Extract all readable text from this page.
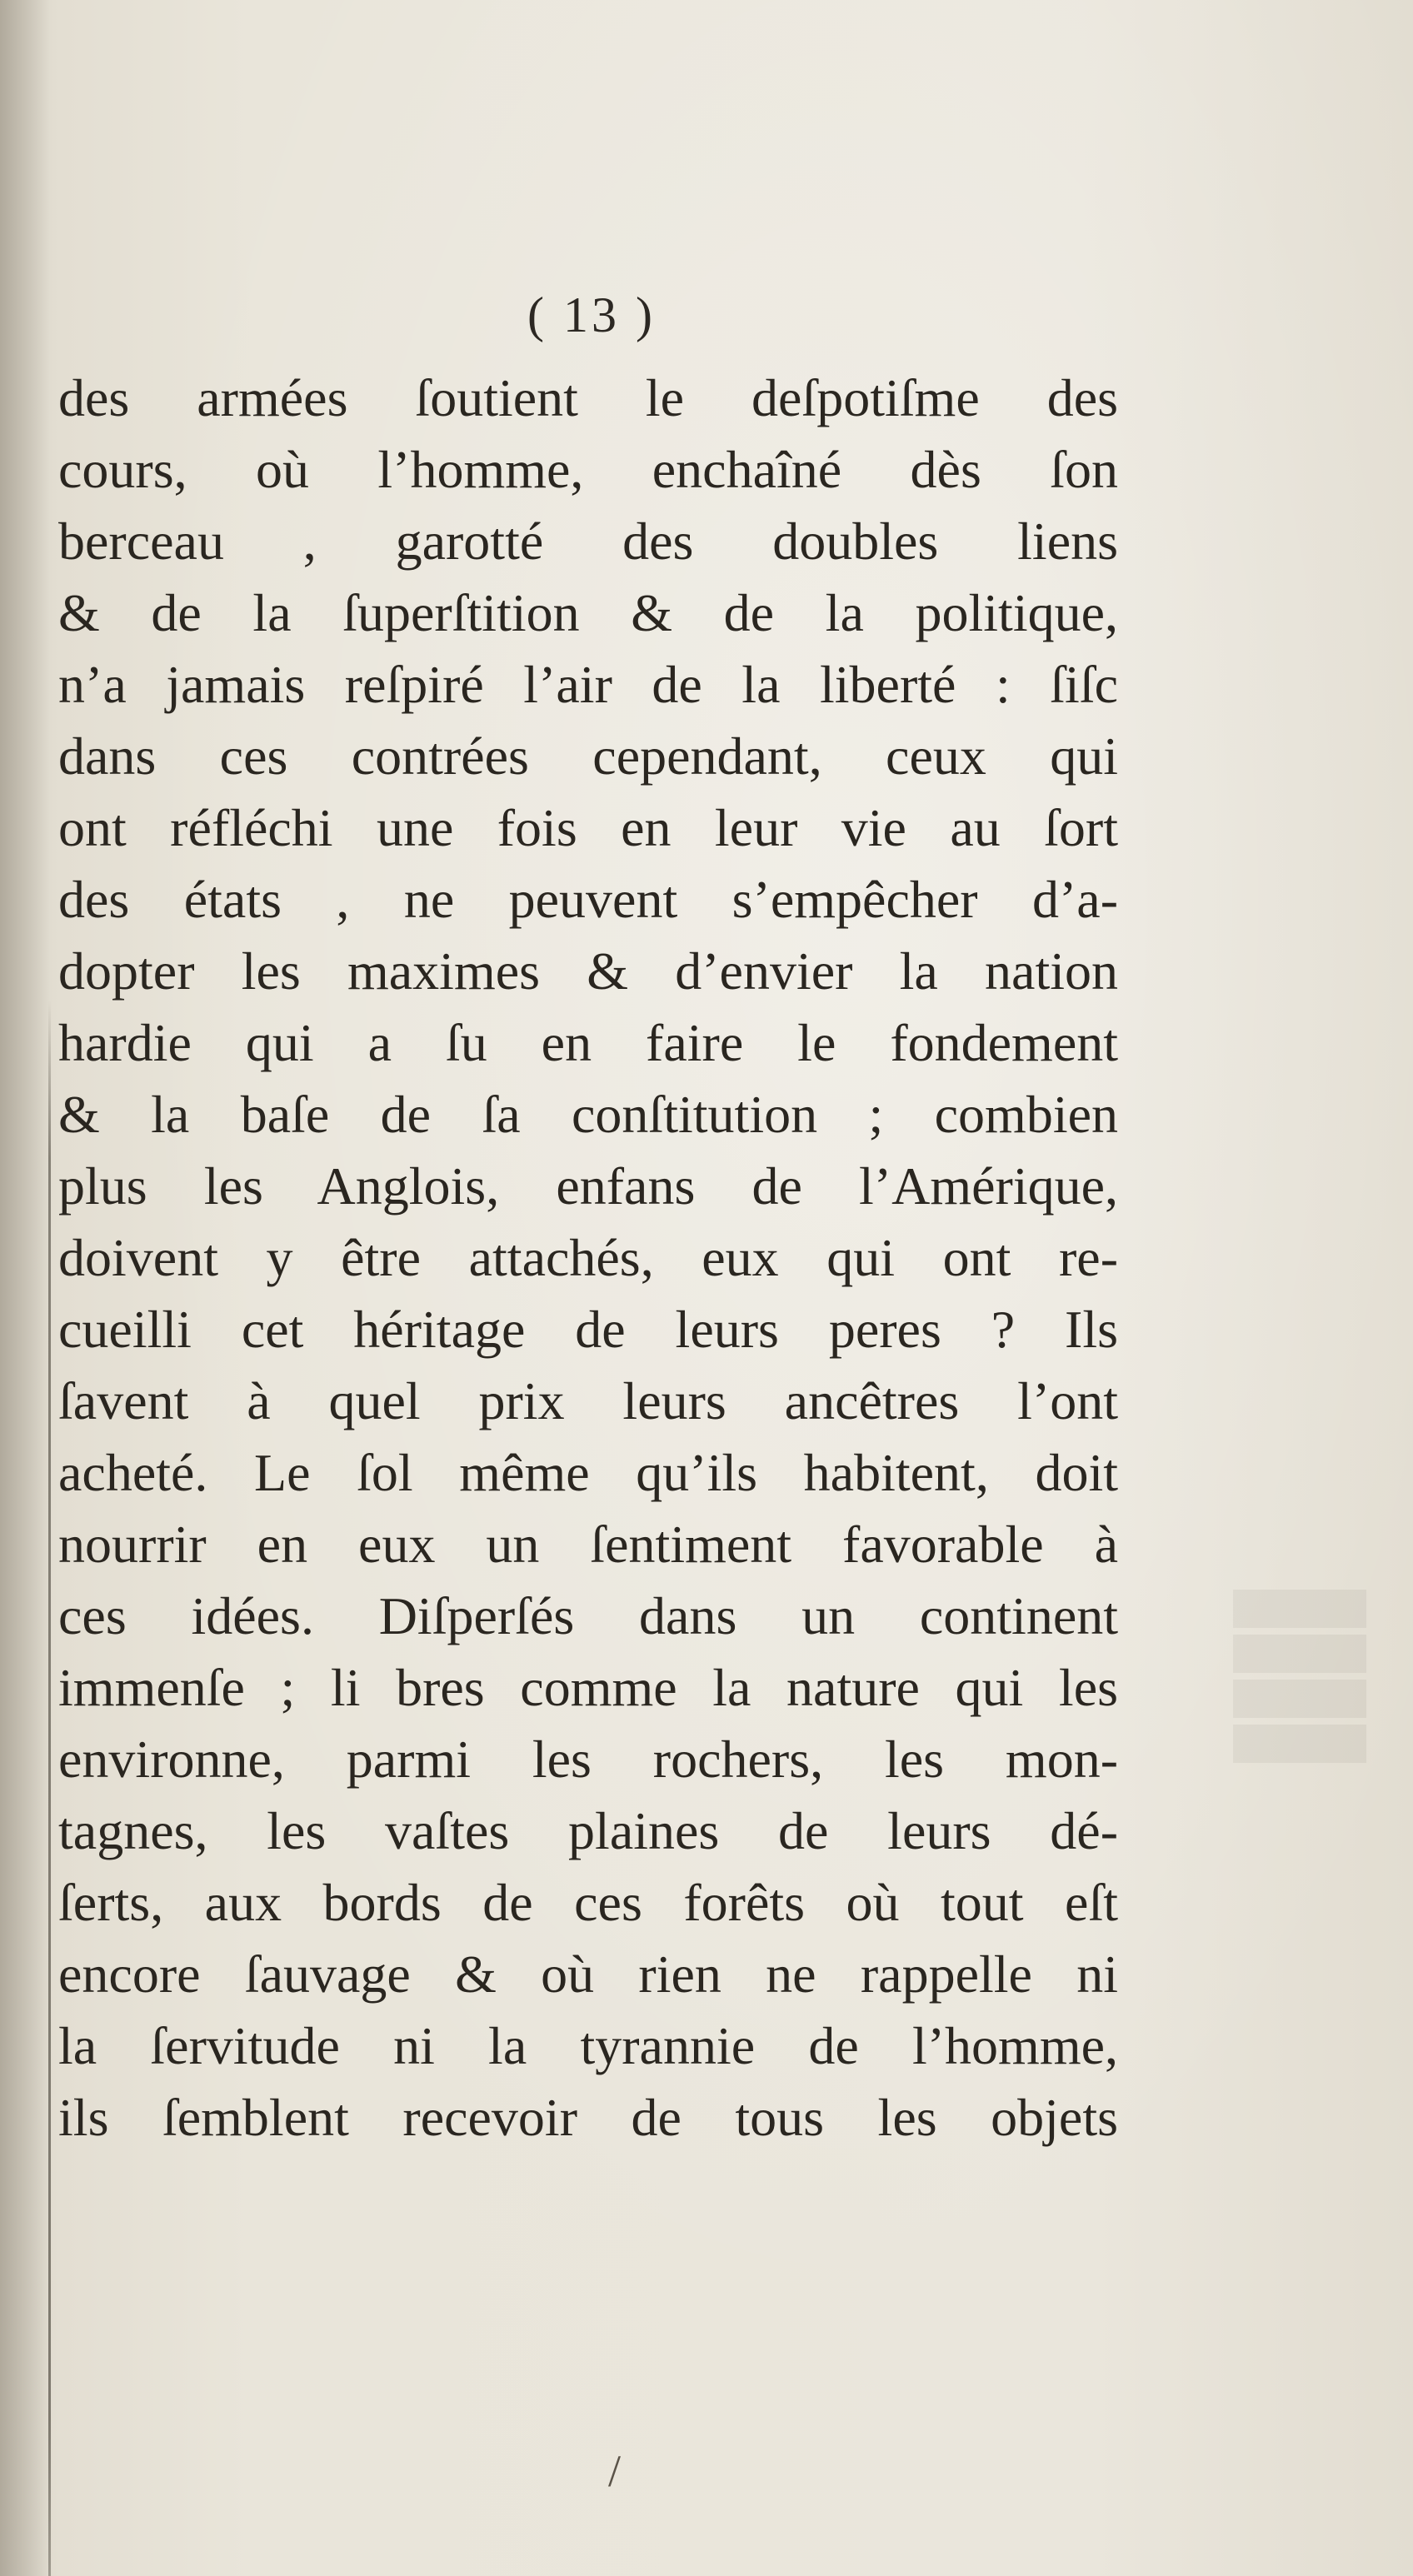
( 13 )
des armées ſoutient le deſpotiſme des
cours, où l’homme, enchaîné dès ſon
berceau , garotté des doubles liens
& de la ſuperſtition & de la politique,
n’a jamais reſpiré l’air de la liberté : ſiſc
dans ces contrées cependant, ceux qui
ont réfléchi une fois en leur vie au ſort
des états , ne peuvent s’empêcher d’a-
dopter les maximes & d’envier la nation
hardie qui a ſu en faire le fondement
& la baſe de ſa conſtitution ; combien
plus les Anglois, enfans de l’Amérique,
doivent y être attachés, eux qui ont re-
cueilli cet héritage de leurs peres ? Ils
ſavent à quel prix leurs ancêtres l’ont
acheté. Le ſol même qu’ils habitent, doit
nourrir en eux un ſentiment favorable à
ces idées. Diſperſés dans un continent
immenſe ; li bres comme la nature qui les
environne, parmi les rochers, les mon-
tagnes, les vaſtes plaines de leurs dé-
ſerts, aux bords de ces forêts où tout eſt
encore ſauvage & où rien ne rappelle ni
la ſervitude ni la tyrannie de l’homme,
ils ſemblent recevoir de tous les objets
/
